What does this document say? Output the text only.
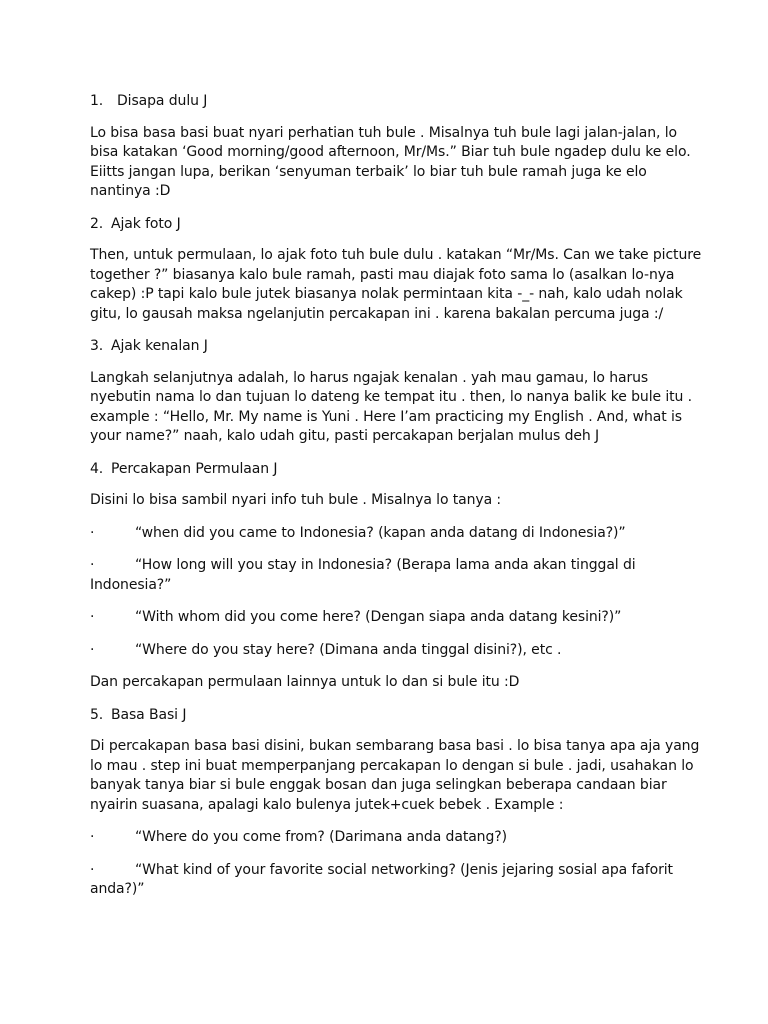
1. Disapa dulu J

Lo bisa basa basi buat nyari perhatian tuh bule . Misalnya tuh bule lagi jalan-jalan, lo bisa katakan ‘Good morning/good afternoon, Mr/Ms.” Biar tuh bule ngadep dulu ke elo. Eiitts jangan lupa, berikan ‘senyuman terbaik’ lo biar tuh bule ramah juga ke elo nantinya :D

2. Ajak foto J

Then, untuk permulaan, lo ajak foto tuh bule dulu . katakan “Mr/Ms. Can we take picture together ?” biasanya kalo bule ramah, pasti mau diajak foto sama lo (asalkan lo-nya cakep) :P tapi kalo bule jutek biasanya nolak permintaan kita -_- nah, kalo udah nolak gitu, lo gausah maksa ngelanjutin percakapan ini . karena bakalan percuma juga :/

3. Ajak kenalan J

Langkah selanjutnya adalah, lo harus ngajak kenalan . yah mau gamau, lo harus nyebutin nama lo dan tujuan lo dateng ke tempat itu . then, lo nanya balik ke bule itu . example : “Hello, Mr. My name is Yuni . Here I’am practicing my English . And, what is your name?” naah, kalo udah gitu, pasti percakapan berjalan mulus deh J

4. Percakapan Permulaan J

Disini lo bisa sambil nyari info tuh bule . Misalnya lo tanya :

·	“when did you came to Indonesia? (kapan anda datang di Indonesia?)”

·	“How long will you stay in Indonesia? (Berapa lama anda akan tinggal di Indonesia?”

·	“With whom did you come here? (Dengan siapa anda datang kesini?)”

·	“Where do you stay here? (Dimana anda tinggal disini?), etc .

Dan percakapan permulaan lainnya untuk lo dan si bule itu :D

5. Basa Basi J

Di percakapan basa basi disini, bukan sembarang basa basi . lo bisa tanya apa aja yang lo mau . step ini buat memperpanjang percakapan lo dengan si bule . jadi, usahakan lo banyak tanya biar si bule enggak bosan dan juga selingkan beberapa candaan biar nyairin suasana, apalagi kalo bulenya jutek+cuek bebek . Example :

·	“Where do you come from? (Darimana anda datang?)

·	“What kind of your favorite social networking? (Jenis jejaring sosial apa faforit anda?)”
